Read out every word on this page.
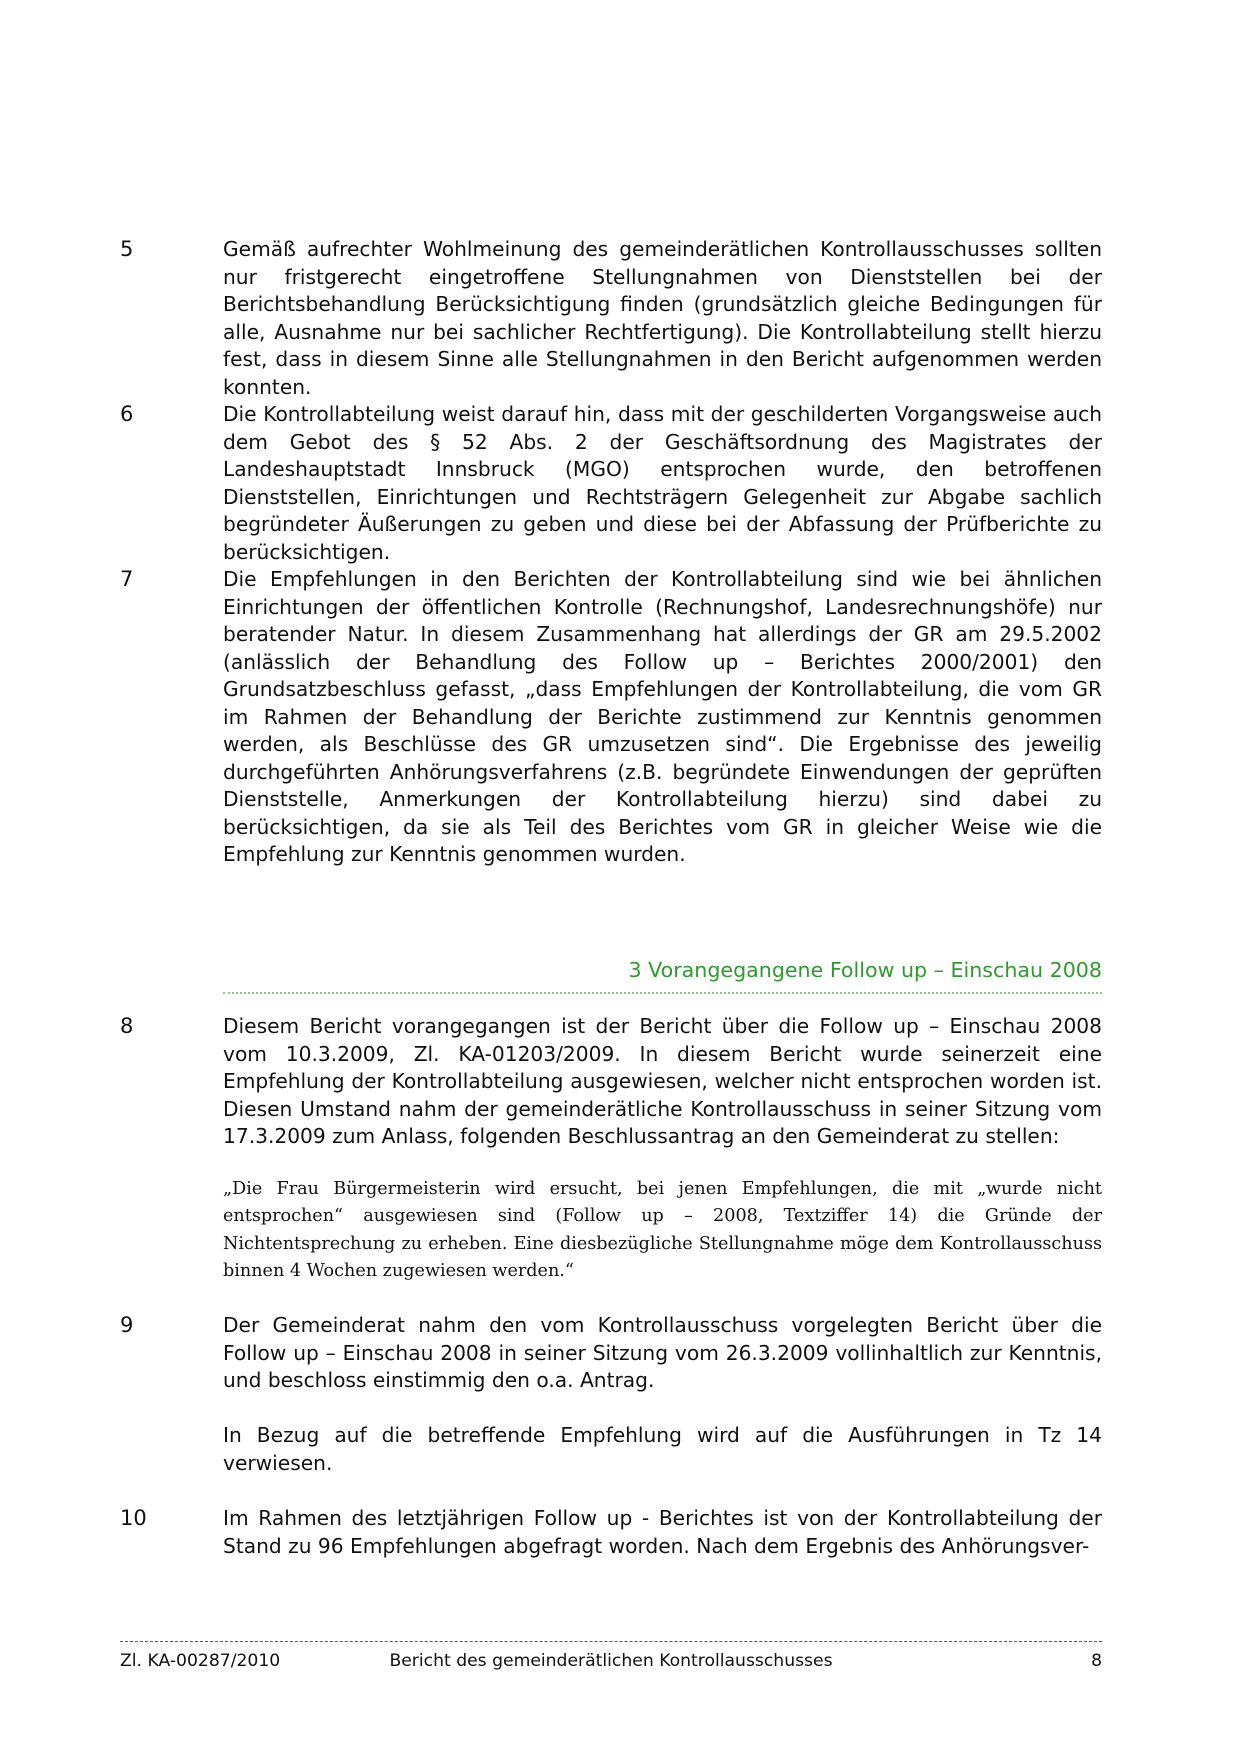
5	Gemäß aufrechter Wohlmeinung des gemeinderätlichen Kontrollausschusses sollten nur fristgerecht eingetroffene Stellungnahmen von Dienststellen bei der Berichtsbehandlung Berücksichtigung finden (grundsätzlich gleiche Bedingungen für alle, Ausnahme nur bei sachlicher Rechtfertigung). Die Kontrollabteilung stellt hierzu fest, dass in diesem Sinne alle Stellungnahmen in den Bericht aufgenommen werden konnten.

6	Die Kontrollabteilung weist darauf hin, dass mit der geschilderten Vorgangsweise auch dem Gebot des § 52 Abs. 2 der Geschäftsordnung des Magistrates der Landeshauptstadt Innsbruck (MGO) entsprochen wurde, den betroffenen Dienststellen, Einrichtungen und Rechtsträgern Gelegenheit zur Abgabe sachlich begründeter Äußerungen zu geben und diese bei der Abfassung der Prüfberichte zu berücksichtigen.

7	Die Empfehlungen in den Berichten der Kontrollabteilung sind wie bei ähnlichen Einrichtungen der öffentlichen Kontrolle (Rechnungshof, Landesrechnungshöfe) nur beratender Natur. In diesem Zusammenhang hat allerdings der GR am 29.5.2002 (anlässlich der Behandlung des Follow up – Berichtes 2000/2001) den Grundsatzbeschluss gefasst, „dass Empfehlungen der Kontrollabteilung, die vom GR im Rahmen der Behandlung der Berichte zustimmend zur Kenntnis genommen werden, als Beschlüsse des GR umzusetzen sind“. Die Ergebnisse des jeweilig durchgeführten Anhörungsverfahrens (z.B. begründete Einwendungen der geprüften Dienststelle, Anmerkungen der Kontrollabteilung hierzu) sind dabei zu berücksichtigen, da sie als Teil des Berichtes vom GR in gleicher Weise wie die Empfehlung zur Kenntnis genommen wurden.

3 Vorangegangene Follow up – Einschau 2008
8	Diesem Bericht vorangegangen ist der Bericht über die Follow up – Einschau 2008 vom 10.3.2009, Zl. KA-01203/2009. In diesem Bericht wurde seinerzeit eine Empfehlung der Kontrollabteilung ausgewiesen, welcher nicht entsprochen worden ist. Diesen Umstand nahm der gemeinderätliche Kontrollausschuss in seiner Sitzung vom 17.3.2009 zum Anlass, folgenden Beschlussantrag an den Gemeinderat zu stellen:

„Die Frau Bürgermeisterin wird ersucht, bei jenen Empfehlungen, die mit „wurde nicht entsprochen“ ausgewiesen sind (Follow up – 2008, Textziffer 14) die Gründe der Nichtentsprechung zu erheben. Eine diesbezügliche Stellungnahme möge dem Kontrollausschuss binnen 4 Wochen zugewiesen werden.“

9	Der Gemeinderat nahm den vom Kontrollausschuss vorgelegten Bericht über die Follow up – Einschau 2008 in seiner Sitzung vom 26.3.2009 vollinhaltlich zur Kenntnis, und beschloss einstimmig den o.a. Antrag.

In Bezug auf die betreffende Empfehlung wird auf die Ausführungen in Tz 14 verwiesen.

10	Im Rahmen des letztjährigen Follow up - Berichtes ist von der Kontrollabteilung der Stand zu 96 Empfehlungen abgefragt worden. Nach dem Ergebnis des Anhörungsver-

Bericht des gemeinderätlichen Kontrollausschusses
Zl. KA-00287/2010	8
